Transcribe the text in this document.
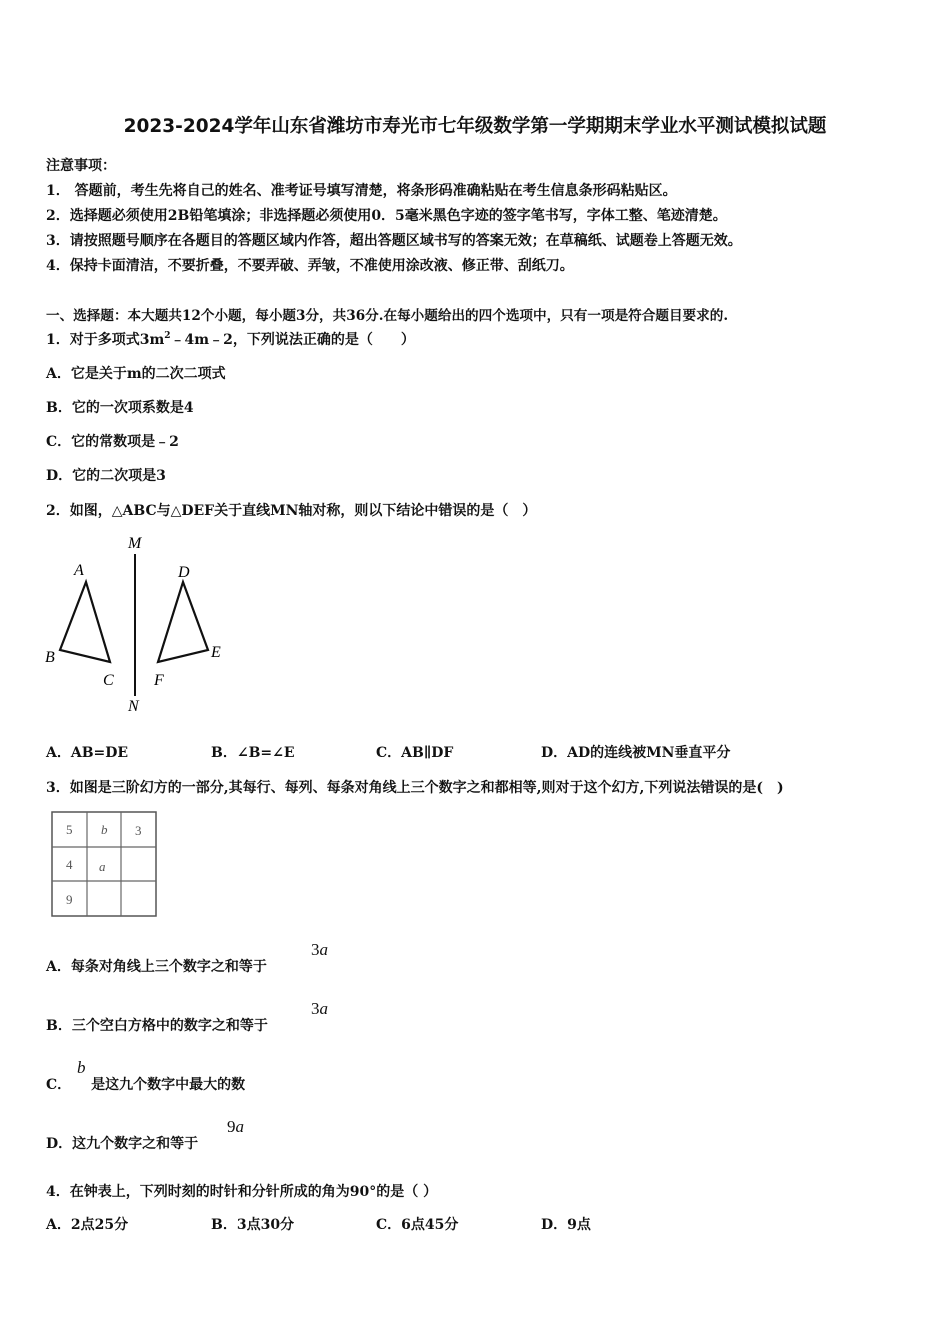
2023-2024学年山东省潍坊市寿光市七年级数学第一学期期末学业水平测试模拟试题
注意事项：
1． 答题前，考生先将自己的姓名、准考证号填写清楚，将条形码准确粘贴在考生信息条形码粘贴区。
2．选择题必须使用2B铅笔填涂；非选择题必须使用0．5毫米黑色字迹的签字笔书写，字体工整、笔迹清楚。
3．请按照题号顺序在各题目的答题区域内作答，超出答题区域书写的答案无效；在草稿纸、试题卷上答题无效。
4．保持卡面清洁，不要折叠，不要弄破、弄皱，不准使用涂改液、修正带、刮纸刀。
一、选择题：本大题共12个小题，每小题3分，共36分.在每小题给出的四个选项中，只有一项是符合题目要求的.
1．对于多项式$3m^2﹣4m﹣2$，下列说法正确的是（　　）
A．它是关于m的二次二项式
B．它的一次项系数是4
C．它的常数项是﹣2
D．它的二次项是3
2．如图，△ABC与△DEF关于直线MN轴对称，则以下结论中错误的是（　）
M
N
A
B
C
D
E
F
A．AB=DE	B．∠B=∠E	C．AB∥DF	D．AD的连线被MN垂直平分
3．如图是三阶幻方的一部分,其每行、每列、每条对角线上三个数字之和都相等,则对于这个幻方,下列说法错误的是(　)
5 b 3
4 a
9
A．每条对角线上三个数字之和等于
3a
B．三个空白方格中的数字之和等于
3a
C． 是这九个数字中最大的数
b
D．这九个数字之和等于
9a
4．在钟表上，下列时刻的时针和分针所成的角为90°的是（ ）
A．2点25分	B．3点30分	C．6点45分	D．9点
